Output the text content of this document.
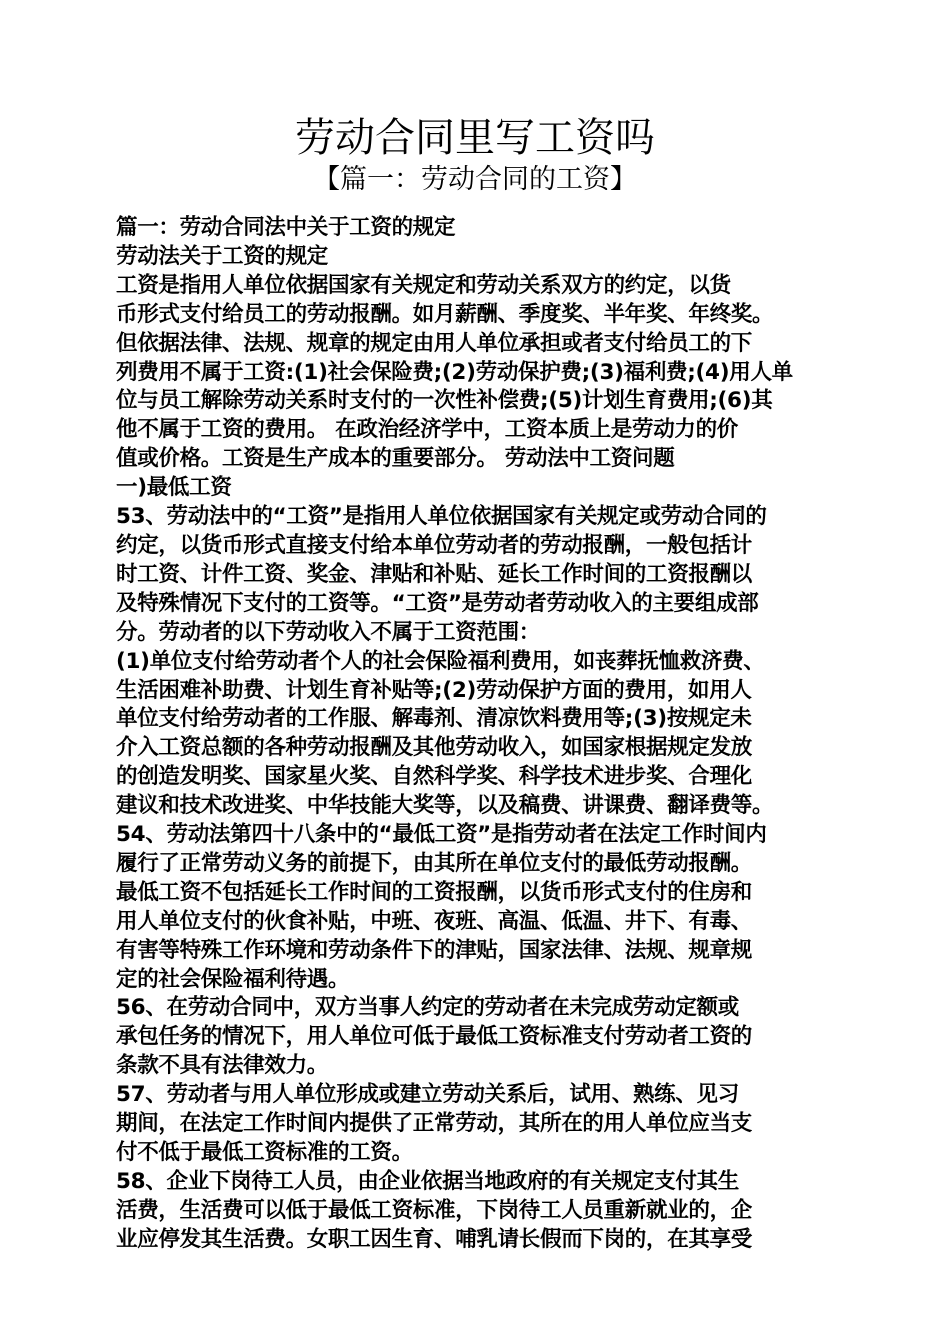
劳动合同里写工资吗
【篇一：劳动合同的工资】
篇一：劳动合同法中关于工资的规定
劳动法关于工资的规定
工资是指用人单位依据国家有关规定和劳动关系双方的约定，以货
币形式支付给员工的劳动报酬。如月薪酬、季度奖、半年奖、年终奖。
但依据法律、法规、规章的规定由用人单位承担或者支付给员工的下
列费用不属于工资:(1)社会保险费;(2)劳动保护费;(3)福利费;(4)用人单
位与员工解除劳动关系时支付的一次性补偿费;(5)计划生育费用;(6)其
他不属于工资的费用。 在政治经济学中，工资本质上是劳动力的价
值或价格。工资是生产成本的重要部分。 劳动法中工资问题
一)最低工资
53、劳动法中的“工资”是指用人单位依据国家有关规定或劳动合同的
约定，以货币形式直接支付给本单位劳动者的劳动报酬，一般包括计
时工资、计件工资、奖金、津贴和补贴、延长工作时间的工资报酬以
及特殊情况下支付的工资等。“工资”是劳动者劳动收入的主要组成部
分。劳动者的以下劳动收入不属于工资范围：
(1)单位支付给劳动者个人的社会保险福利费用，如丧葬抚恤救济费、
生活困难补助费、计划生育补贴等;(2)劳动保护方面的费用，如用人
单位支付给劳动者的工作服、解毒剂、清凉饮料费用等;(3)按规定未
介入工资总额的各种劳动报酬及其他劳动收入，如国家根据规定发放
的创造发明奖、国家星火奖、自然科学奖、科学技术进步奖、合理化
建议和技术改进奖、中华技能大奖等，以及稿费、讲课费、翻译费等。
54、劳动法第四十八条中的“最低工资”是指劳动者在法定工作时间内
履行了正常劳动义务的前提下，由其所在单位支付的最低劳动报酬。
最低工资不包括延长工作时间的工资报酬，以货币形式支付的住房和
用人单位支付的伙食补贴，中班、夜班、高温、低温、井下、有毒、
有害等特殊工作环境和劳动条件下的津贴，国家法律、法规、规章规
定的社会保险福利待遇。
56、在劳动合同中，双方当事人约定的劳动者在未完成劳动定额或
承包任务的情况下，用人单位可低于最低工资标准支付劳动者工资的
条款不具有法律效力。
57、劳动者与用人单位形成或建立劳动关系后，试用、熟练、见习
期间，在法定工作时间内提供了正常劳动，其所在的用人单位应当支
付不低于最低工资标准的工资。
58、企业下岗待工人员，由企业依据当地政府的有关规定支付其生
活费，生活费可以低于最低工资标准，下岗待工人员重新就业的，企
业应停发其生活费。女职工因生育、哺乳请长假而下岗的，在其享受
